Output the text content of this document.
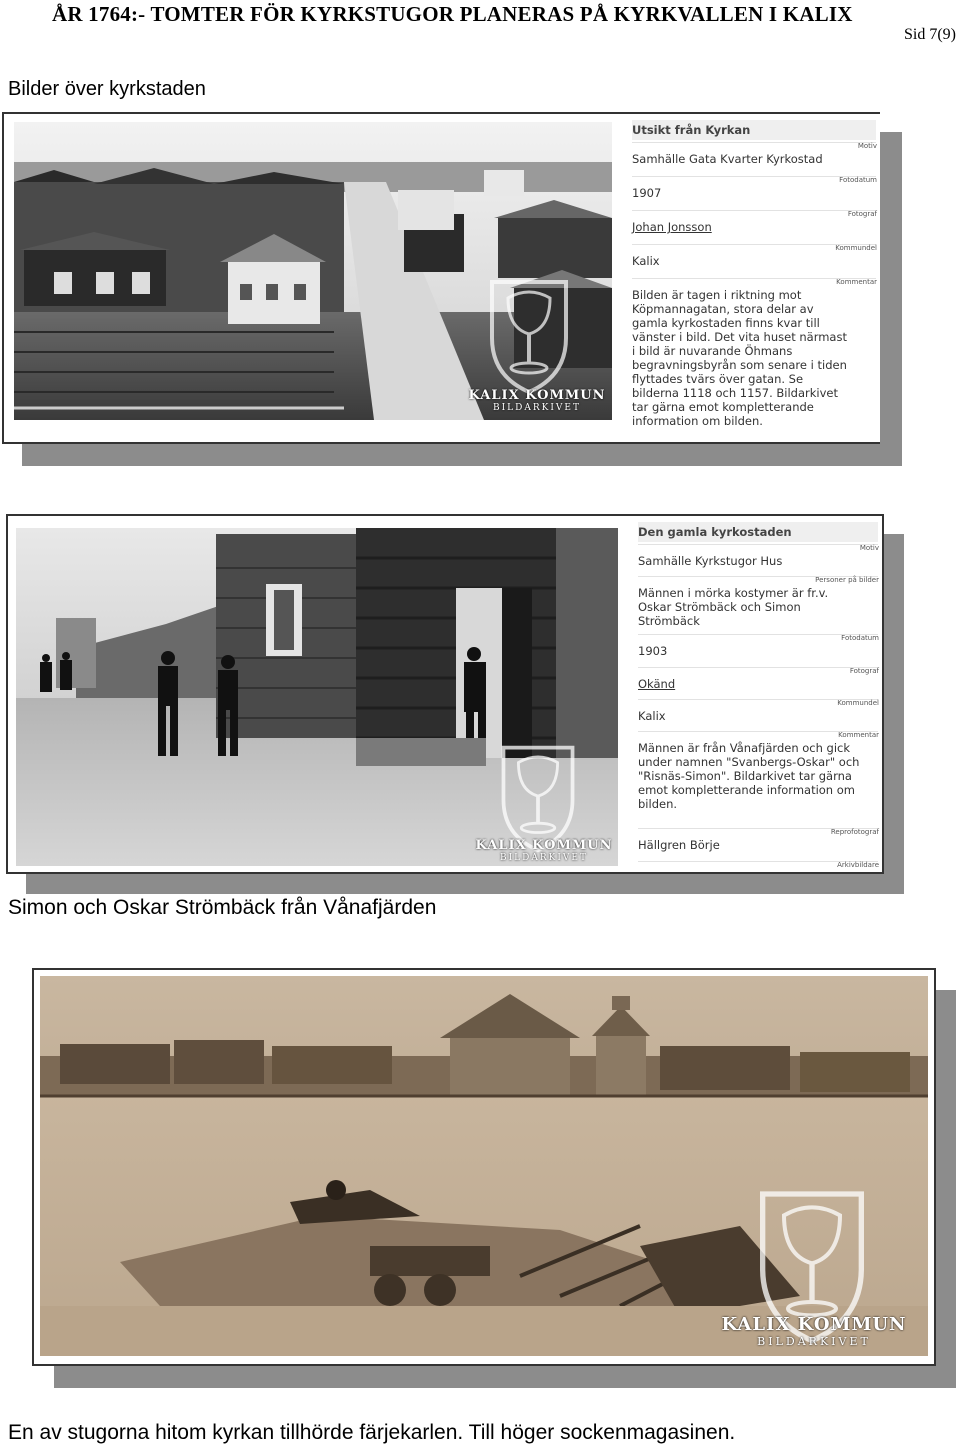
ÅR 1764:- TOMTER FÖR KYRKSTUGOR PLANERAS PÅ KYRKVALLEN I KALIX
Sid 7(9)
Bilder över kyrkstaden
KALIX KOMMUN
BILDARKIVET
Utsikt från Kyrkan
Motiv
Samhälle Gata Kvarter Kyrkostad
Fotodatum
1907
Fotograf
Johan Jonsson
Kommundel
Kalix
Kommentar
Bilden är tagen i riktning mot Köpmannagatan, stora delar av gamla kyrkostaden finns kvar till vänster i bild. Det vita huset närmast i bild är nuvarande Öhmans begravningsbyrån som senare i tiden flyttades tvärs över gatan. Se bilderna 1118 och 1157. Bildarkivet tar gärna emot kompletterande information om bilden.
KALIX KOMMUN
BILDARKIVET
Den gamla kyrkostaden
Motiv
Samhälle Kyrkstugor Hus
Personer på bilder
Männen i mörka kostymer är fr.v. Oskar Strömbäck och Simon Strömbäck
Fotodatum
1903
Fotograf
Okänd
Kommundel
Kalix
Kommentar
Männen är från Vånafjärden och gick under namnen "Svanbergs-Oskar" och "Risnäs-Simon". Bildarkivet tar gärna emot kompletterande information om bilden.
Reprofotograf
Hällgren Börje
Arkivbildare
Simon och Oskar Strömbäck från Vånafjärden
KALIX KOMMUN
BILDARKIVET
En av stugorna hitom kyrkan tillhörde färjekarlen. Till höger sockenmagasinen.
